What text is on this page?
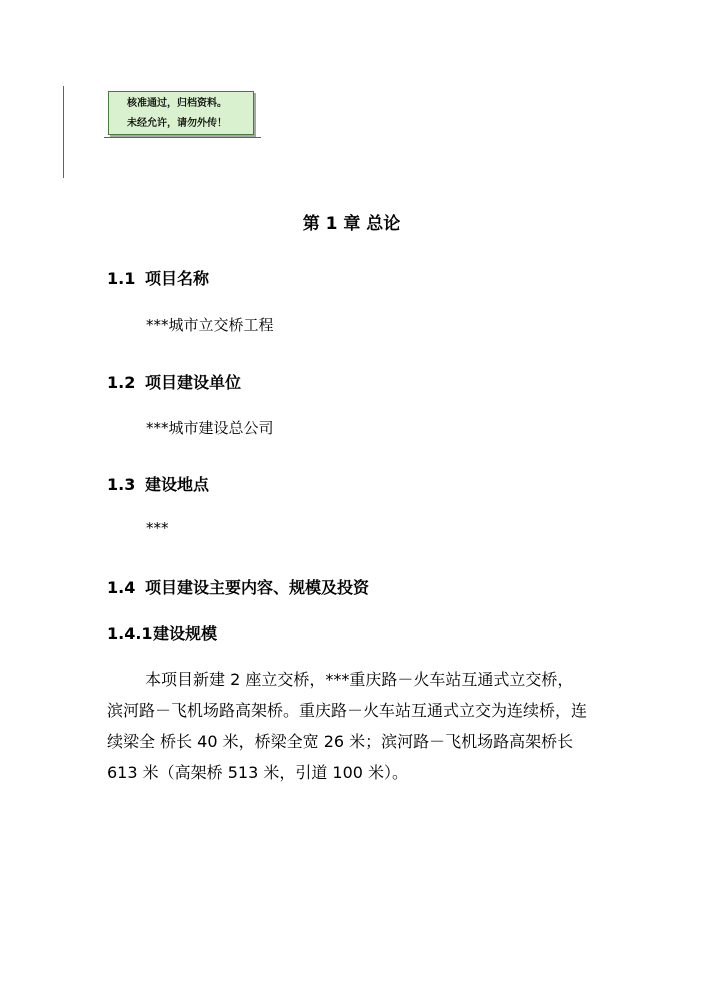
核准通过，归档资料。
未经允许，请勿外传！
第 1 章 总论
1.1 项目名称
***城市立交桥工程
1.2 项目建设单位
***城市建设总公司
1.3 建设地点
***
1.4 项目建设主要内容、规模及投资
1.4.1建设规模

本项目新建 2 座立交桥，***重庆路－火车站互通式立交桥，滨河路－飞机场路高架桥。重庆路－火车站互通式立交为连续桥，连续梁全 桥长 40 米，桥梁全宽 26 米；滨河路－飞机场路高架桥长 613 米（高架桥 513 米，引道 100 米）。
